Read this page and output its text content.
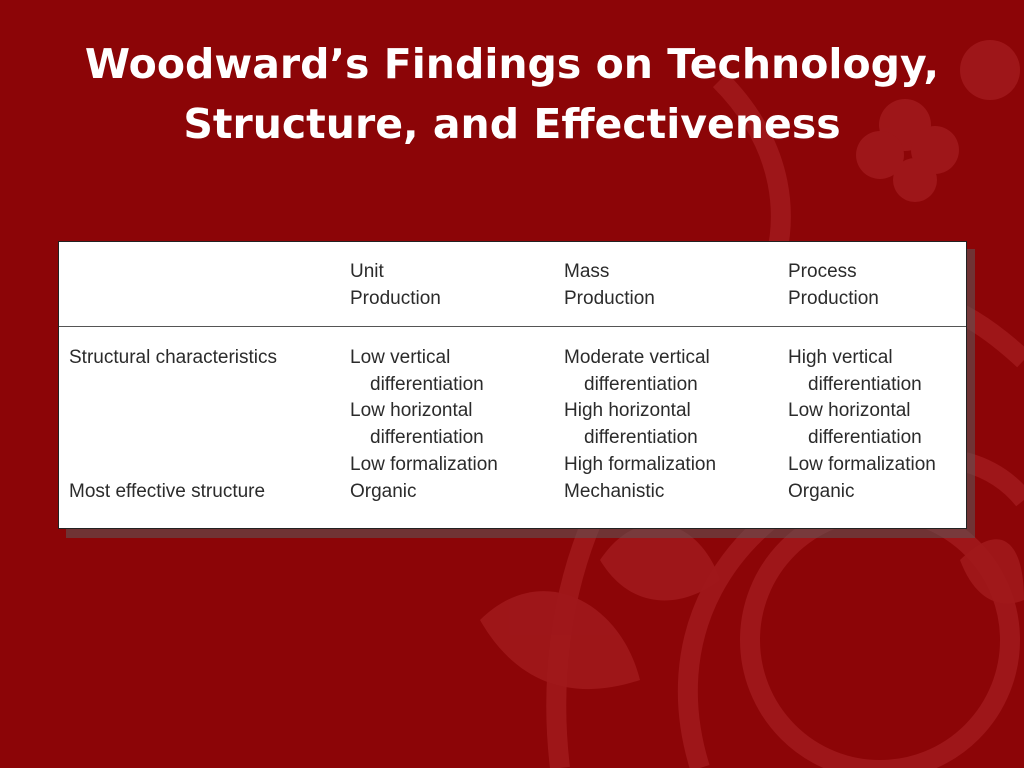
Woodward’s Findings on Technology,
Structure, and Effectiveness
Unit
Production
Mass
Production
Process
Production
Structural characteristics
Most effective structure
Low vertical
differentiation
Low horizontal
differentiation
Low formalization
Moderate vertical
differentiation
High horizontal
differentiation
High formalization
High vertical
differentiation
Low horizontal
differentiation
Low formalization
Organic	Mechanistic	Organic
